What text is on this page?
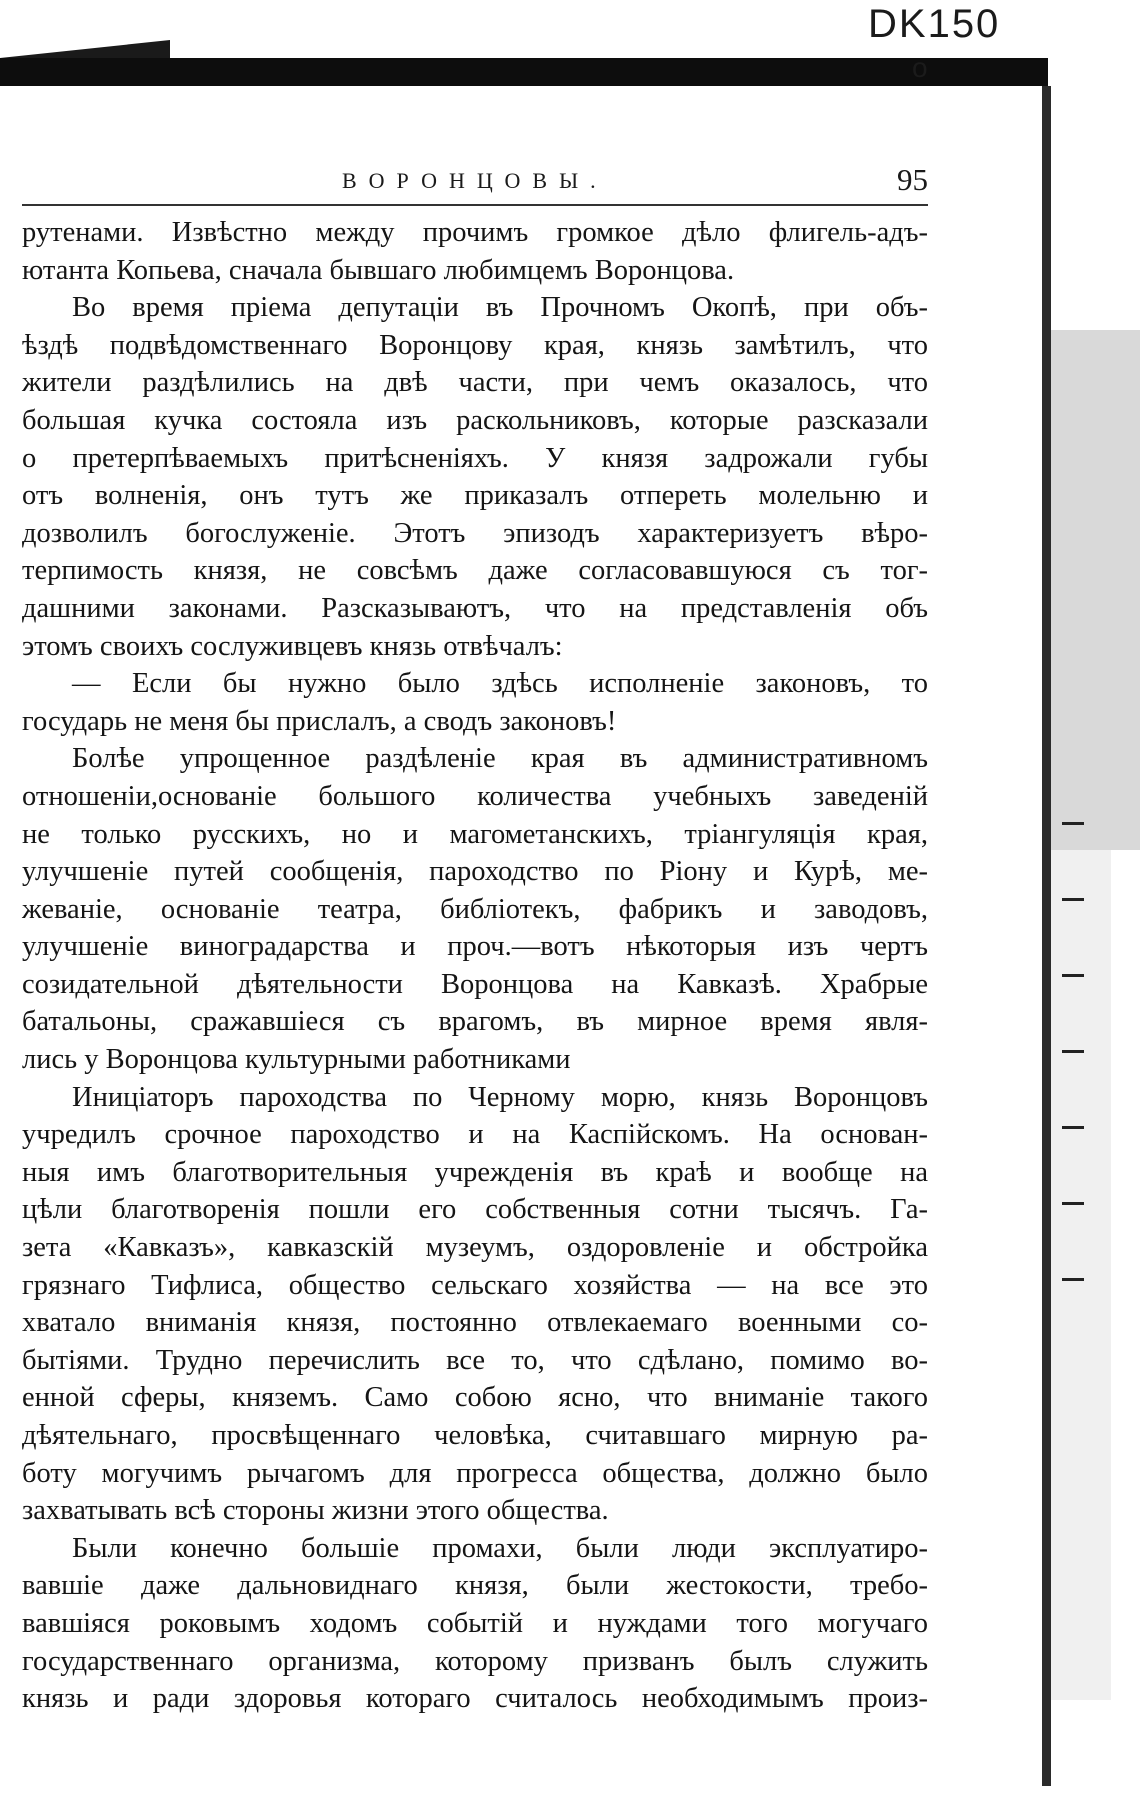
DK150
o
ВОРОНЦОВЫ.	95
рутенами. Извѣстно между прочимъ громкое дѣло флигель-адъ-
ютанта Копьева, сначала бывшаго любимцемъ Воронцова.
Во время пріема депутаціи въ Прочномъ Окопѣ, при объ-
ѣздѣ подвѣдомственнаго Воронцову края, князь замѣтилъ, что
жители раздѣлились на двѣ части, при чемъ оказалось, что
большая кучка состояла изъ раскольниковъ, которые разсказали
о претерпѣваемыхъ притѣсненіяхъ. У князя задрожали губы
отъ волненія, онъ тутъ же приказалъ отпереть молельню и
дозволилъ богослуженіе. Этотъ эпизодъ характеризуетъ вѣро-
терпимость князя, не совсѣмъ даже согласовавшуюся съ тог-
дашними законами. Разсказываютъ, что на представленія объ
этомъ своихъ сослуживцевъ князь отвѣчалъ:
— Если бы нужно было здѣсь исполненіе законовъ, то
государь не меня бы прислалъ, а сводъ законовъ!
Болѣе упрощенное раздѣленіе края въ административномъ
отношеніи,основаніе большого количества учебныхъ заведеній
не только русскихъ, но и магометанскихъ, тріангуляція края,
улучшеніе путей сообщенія, пароходство по Ріону и Курѣ, ме-
жеваніе, основаніе театра, библіотекъ, фабрикъ и заводовъ,
улучшеніе виноградарства и проч.—вотъ нѣкоторыя изъ чертъ
созидательной дѣятельности Воронцова на Кавказѣ. Храбрые
батальоны, сражавшіеся съ врагомъ, въ мирное время явля-
лись у Воронцова культурными работниками
Иниціаторъ пароходства по Черному морю, князь Воронцовъ
учредилъ срочное пароходство и на Каспійскомъ. На основан-
ныя имъ благотворительныя учрежденія въ краѣ и вообще на
цѣли благотворенія пошли его собственныя сотни тысячъ. Га-
зета «Кавказъ», кавказскій музеумъ, оздоровленіе и обстройка
грязнаго Тифлиса, общество сельскаго хозяйства — на все это
хватало вниманія князя, постоянно отвлекаемаго военными со-
бытіями. Трудно перечислить все то, что сдѣлано, помимо во-
енной сферы, княземъ. Само собою ясно, что вниманіе такого
дѣятельнаго, просвѣщеннаго человѣка, считавшаго мирную ра-
боту могучимъ рычагомъ для прогресса общества, должно было
захватывать всѣ стороны жизни этого общества.
Были конечно большіе промахи, были люди эксплуатиро-
вавшіе даже дальновиднаго князя, были жестокости, требо-
вавшіяся роковымъ ходомъ событій и нуждами того могучаго
государственнаго организма, которому призванъ былъ служить
князь и ради здоровья котораго считалось необходимымъ произ-
